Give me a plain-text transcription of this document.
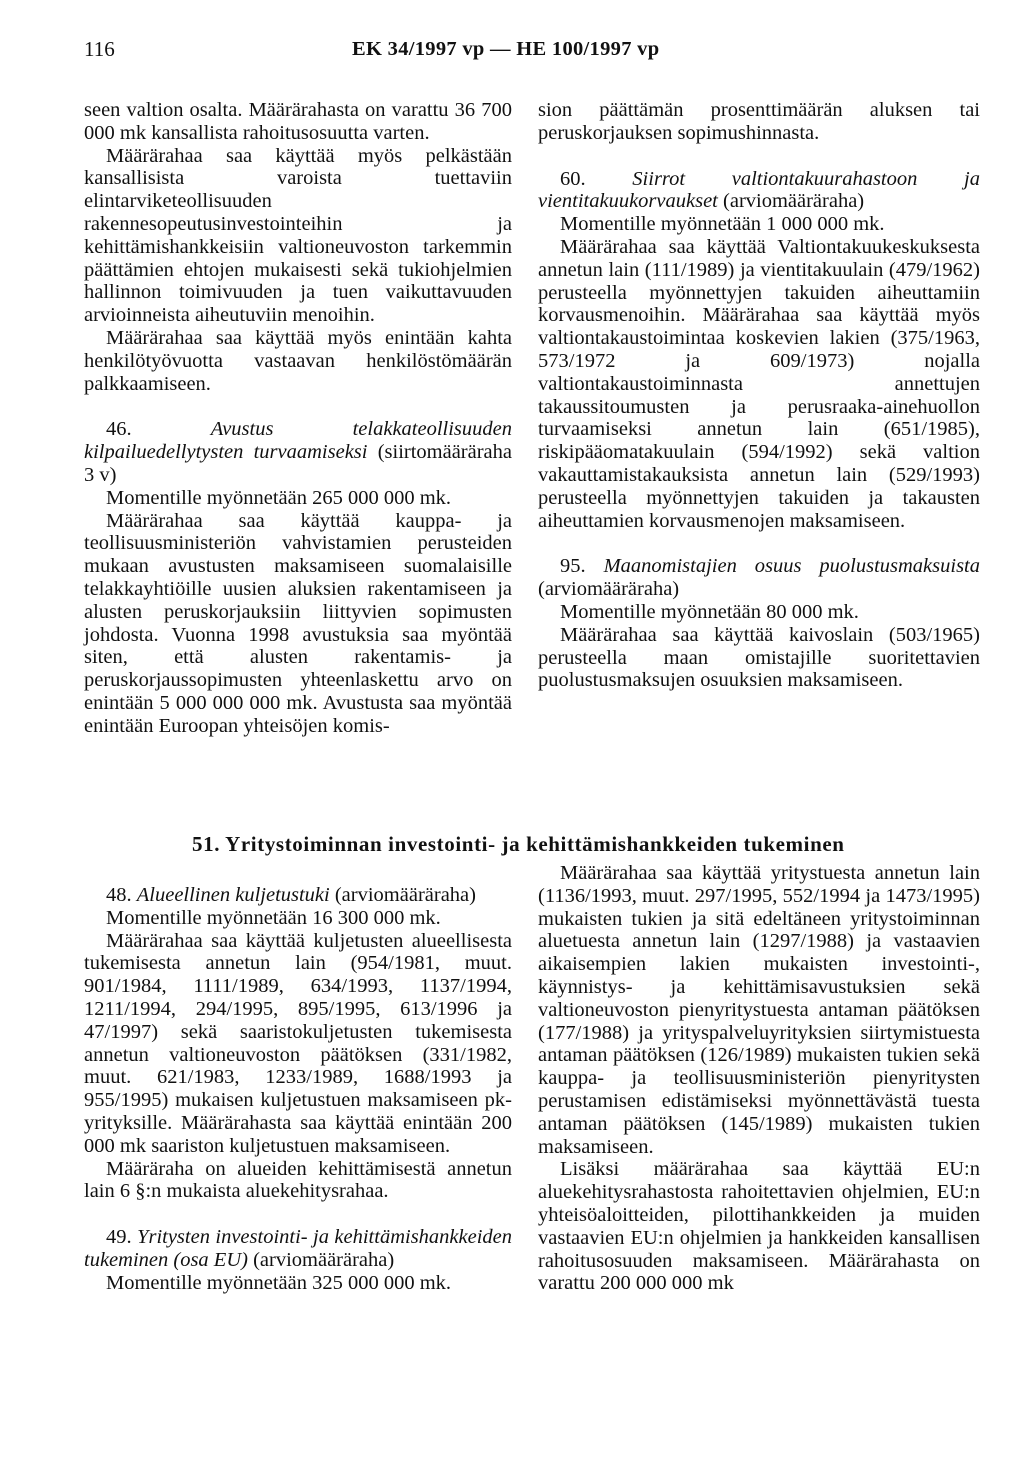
116	EK 34/1997 vp — HE 100/1997 vp

seen valtion osalta. Määrärahasta on varattu 36 700 000 mk kansallista rahoitusosuutta varten.

Määrärahaa saa käyttää myös pelkästään kansallisista varoista tuettaviin elintarviketeollisuuden rakennesopeutusinvestointeihin ja kehittämishankkeisiin valtioneuvoston tarkemmin päättämien ehtojen mukaisesti sekä tukiohjelmien hallinnon toimivuuden ja tuen vaikuttavuuden arvioinneista aiheutuviin menoihin.

Määrärahaa saa käyttää myös enintään kahta henkilötyövuotta vastaavan henkilöstömäärän palkkaamiseen.

46.	Avustus telakkateollisuuden kilpailuedellytysten turvaamiseksi (siirtomääräraha 3 v)

Momentille myönnetään 265 000 000 mk.

Määrärahaa saa käyttää kauppa- ja teollisuusministeriön vahvistamien perusteiden mukaan avustusten maksamiseen suomalaisille telakkayhtiöille uusien aluksien rakentamiseen ja alusten peruskorjauksiin liittyvien sopimusten johdosta. Vuonna 1998 avustuksia saa myöntää siten, että alusten rakentamis- ja peruskorjaussopimusten yhteenlaskettu arvo on enintään 5 000 000 000 mk. Avustusta saa myöntää enintään Euroopan yhteisöjen komis-

sion päättämän prosenttimäärän aluksen tai peruskorjauksen sopimushinnasta.

60. Siirrot valtiontakuurahastoon ja vientitakuukorvaukset (arviomääräraha)

Momentille myönnetään 1 000 000 mk.

Määrärahaa saa käyttää Valtiontakuukeskuksesta annetun lain (111/1989) ja vientitakuulain (479/1962) perusteella myönnettyjen takuiden aiheuttamiin korvausmenoihin. Määrärahaa saa käyttää myös valtiontakaustoimintaa koskevien lakien (375/1963, 573/1972 ja 609/1973) nojalla valtiontakaustoiminnasta annettujen takaussitoumusten ja perusraaka-ainehuollon turvaamiseksi annetun lain (651/1985), riskipääomatakuulain (594/1992) sekä valtion vakauttamistakauksista annetun lain (529/1993) perusteella myönnettyjen takuiden ja takausten aiheuttamien korvausmenojen maksamiseen.

95. Maanomistajien osuus puolustusmaksuista (arviomääräraha)

Momentille myönnetään 80 000 mk.

Määrärahaa saa käyttää kaivoslain (503/1965) perusteella maan omistajille suoritettavien puolustusmaksujen osuuksien maksamiseen.

51. Yritystoiminnan investointi- ja kehittämishankkeiden tukeminen

48. Alueellinen kuljetustuki (arviomääräraha)

Momentille myönnetään 16 300 000 mk.

Määrärahaa saa käyttää kuljetusten alueellisesta tukemisesta annetun lain (954/1981, muut. 901/1984, 1111/1989, 634/1993, 1137/1994, 1211/1994, 294/1995, 895/1995, 613/1996 ja 47/1997) sekä saaristokuljetusten tukemisesta annetun valtioneuvoston päätöksen (331/1982, muut. 621/1983, 1233/1989, 1688/1993 ja 955/1995) mukaisen kuljetustuen maksamiseen pk-yrityksille. Määrärahasta saa käyttää enintään 200 000 mk saariston kuljetustuen maksamiseen.

Määräraha on alueiden kehittämisestä annetun lain 6 §:n mukaista aluekehitysrahaa.

49. Yritysten investointi- ja kehittämishankkeiden tukeminen (osa EU) (arviomääräraha)

Momentille myönnetään 325 000 000 mk.

Määrärahaa saa käyttää yritystuesta annetun lain (1136/1993, muut. 297/1995, 552/1994 ja 1473/1995) mukaisten tukien ja sitä edeltäneen yritystoiminnan aluetuesta annetun lain (1297/1988) ja vastaavien aikaisempien lakien mukaisten investointi-, käynnistys- ja kehittämisavustuksien sekä valtioneuvoston pienyritystuesta antaman päätöksen (177/1988) ja yrityspalveluyrityksien siirtymistuesta antaman päätöksen (126/1989) mukaisten tukien sekä kauppa- ja teollisuusministeriön pienyritysten perustamisen edistämiseksi myönnettävästä tuesta antaman päätöksen (145/1989) mukaisten tukien maksamiseen.

Lisäksi määrärahaa saa käyttää EU:n aluekehitysrahastosta rahoitettavien ohjelmien, EU:n yhteisöaloitteiden, pilottihankkeiden ja muiden vastaavien EU:n ohjelmien ja hankkeiden kansallisen rahoitusosuuden maksamiseen. Määrärahasta on varattu 200 000 000 mk
